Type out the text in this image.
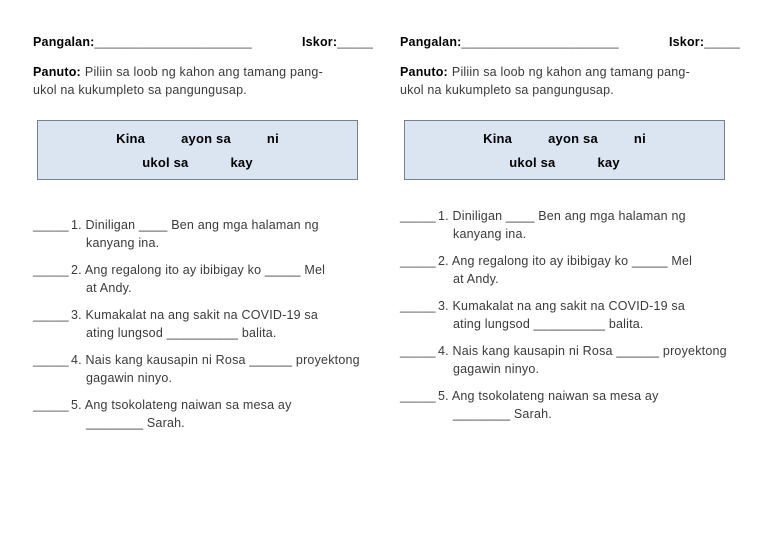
Pangalan:______________________	Iskor:_____
Panuto: Piliin sa loob ng kahon ang tamang pang-
ukol na kukumpleto sa pangungusap.
Kina	ayon sa	ni
ukol sa	kay
_____ 1. Diniligan ____ Ben ang mga halaman ng
kanyang ina.
_____ 2. Ang regalong ito ay ibibigay ko _____ Mel
at Andy.
_____ 3. Kumakalat na ang sakit na COVID-19 sa
ating lungsod __________ balita.
_____ 4. Nais kang kausapin ni Rosa ______ proyektong
gagawin ninyo.
_____ 5. Ang tsokolateng naiwan sa mesa ay
________ Sarah.
Pangalan:______________________	Iskor:_____
Panuto: Piliin sa loob ng kahon ang tamang pang-
ukol na kukumpleto sa pangungusap.
Kina	ayon sa	ni
ukol sa	kay
_____ 1. Diniligan ____ Ben ang mga halaman ng
kanyang ina.
_____ 2. Ang regalong ito ay ibibigay ko _____ Mel
at Andy.
_____ 3. Kumakalat na ang sakit na COVID-19 sa
ating lungsod __________ balita.
_____ 4. Nais kang kausapin ni Rosa ______ proyektong
gagawin ninyo.
_____ 5. Ang tsokolateng naiwan sa mesa ay
________ Sarah.
